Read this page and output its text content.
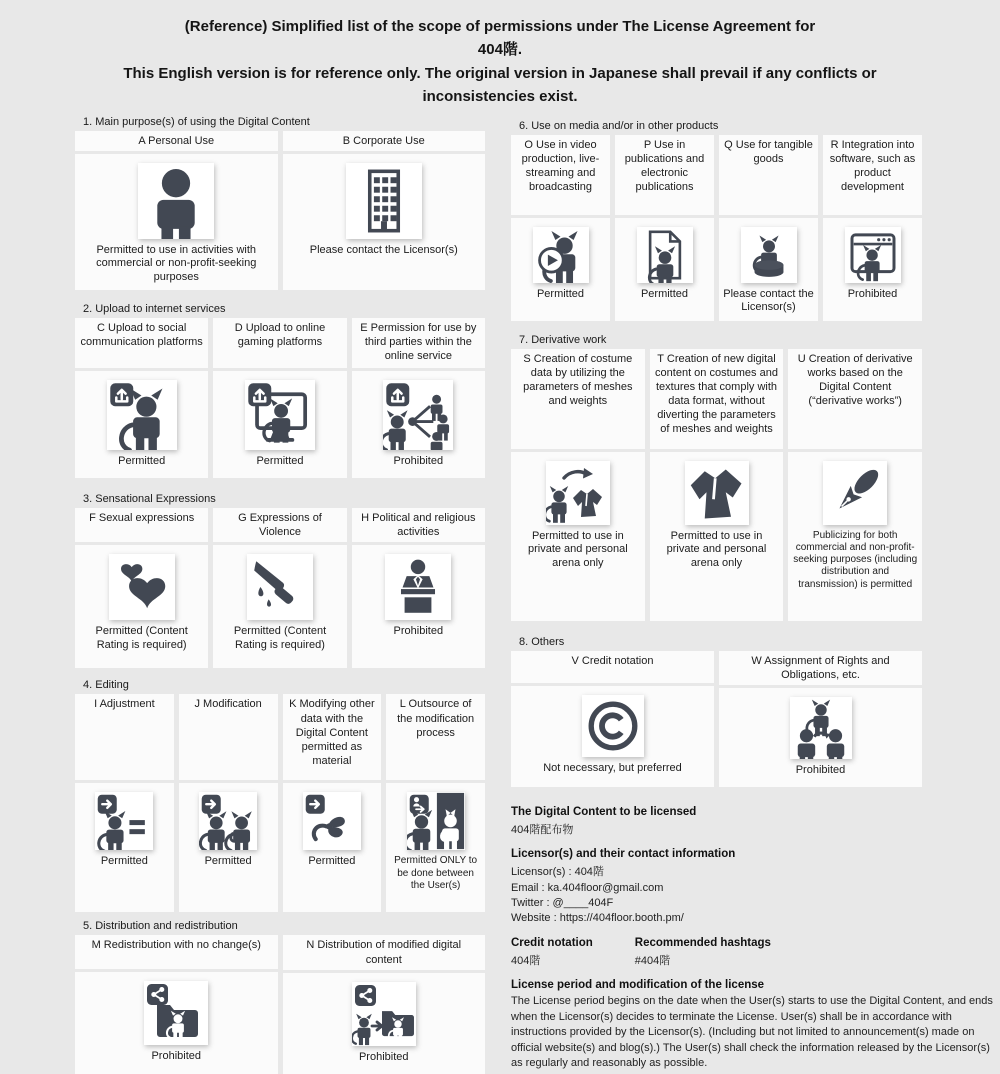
(Reference) Simplified list of the scope of permissions under The License Agreement for
404階.
This English version is for reference only. The original version in Japanese shall prevail if any conflicts or inconsistencies exist.
1. Main purpose(s) of using the Digital Content
A Personal Use
Permitted to use in activities with commercial or non-profit-seeking purposes
B Corporate Use
Please contact the Licensor(s)
2. Upload to internet services
C Upload to social communication platforms
Permitted
D Upload to online gaming platforms
Permitted
E Permission for use by third parties within the online service
Prohibited
3. Sensational Expressions
F Sexual expressions
Permitted (Content Rating is required)
G Expressions of Violence
Permitted (Content Rating is required)
H Political and religious activities
Prohibited
4. Editing
I Adjustment
Permitted
J Modification
Permitted
K Modifying other data with the Digital Content permitted as material
Permitted
L Outsource of the modification process
Permitted ONLY to be done between the User(s)
5. Distribution and redistribution
M Redistribution with no change(s)
Prohibited
N Distribution of modified digital content
Prohibited
6. Use on media and/or in other products
O Use in video production, live-streaming and broadcasting
Permitted
P Use in publications and electronic publications
Permitted
Q Use for tangible goods
Please contact the Licensor(s)
R Integration into software, such as product development
Prohibited
7. Derivative work
S Creation of costume data by utilizing the parameters of meshes and weights
Permitted to use in private and personal arena only
T Creation of new digital content on costumes and textures that comply with data format, without diverting the parameters of meshes and weights
Permitted to use in private and personal arena only
U Creation of derivative works based on the Digital Content (“derivative works”)
Publicizing for both commercial and non-profit-seeking purposes (including distribution and transmission) is permitted
8. Others
V Credit notation
Not necessary, but preferred
W Assignment of Rights and Obligations, etc.
Prohibited
The Digital Content to be licensed
404階配布物
Licensor(s) and their contact information
Licensor(s) : 404階
Email : ka.404floor@gmail.com
Twitter : @____404F
Website : https://404floor.booth.pm/
Credit notation
404階
Recommended hashtags
#404階
License period and modification of the license
The License period begins on the date when the User(s) starts to use the Digital Content, and ends when the Licensor(s) decides to terminate the License. User(s) shall be in accordance with instructions provided by the Licensor(s). (Including but not limited to announcement(s) made on official website(s) and blog(s).) The User(s) shall check the information released by the Licensor(s) as regularly and reasonably as possible.
